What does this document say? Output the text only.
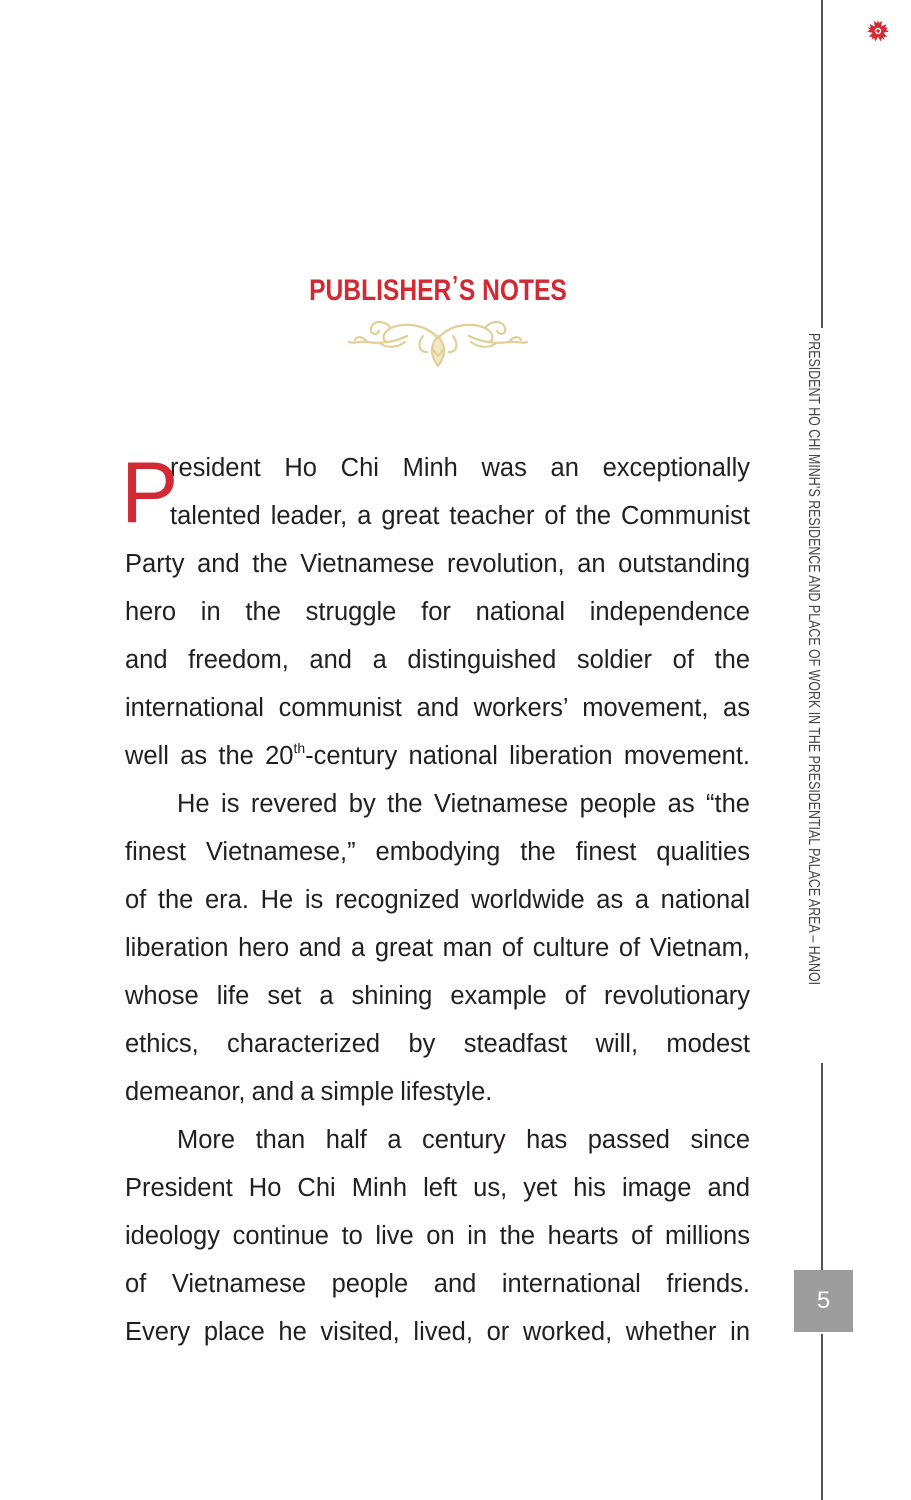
PRESIDENT HO CHI MINH’S RESIDENCE AND PLACE OF WORK IN THE PRESIDENTIAL PALACE AREA – HANOI
5
PUBLISHER’S NOTES
P
resident Ho Chi Minh was an exceptionally
talented leader, a great teacher of the Communist
Party and the Vietnamese revolution, an outstanding
hero in the struggle for national independence
and freedom, and a distinguished soldier of the
international communist and workers’ movement, as
well as the 20th-century national liberation movement.
He is revered by the Vietnamese people as “the
finest Vietnamese,” embodying the finest qualities
of the era. He is recognized worldwide as a national
liberation hero and a great man of culture of Vietnam,
whose life set a shining example of revolutionary
ethics, characterized by steadfast will, modest
demeanor, and a simple lifestyle.
More than half a century has passed since
President Ho Chi Minh left us, yet his image and
ideology continue to live on in the hearts of millions
of Vietnamese people and international friends.
Every place he visited, lived, or worked, whether in
